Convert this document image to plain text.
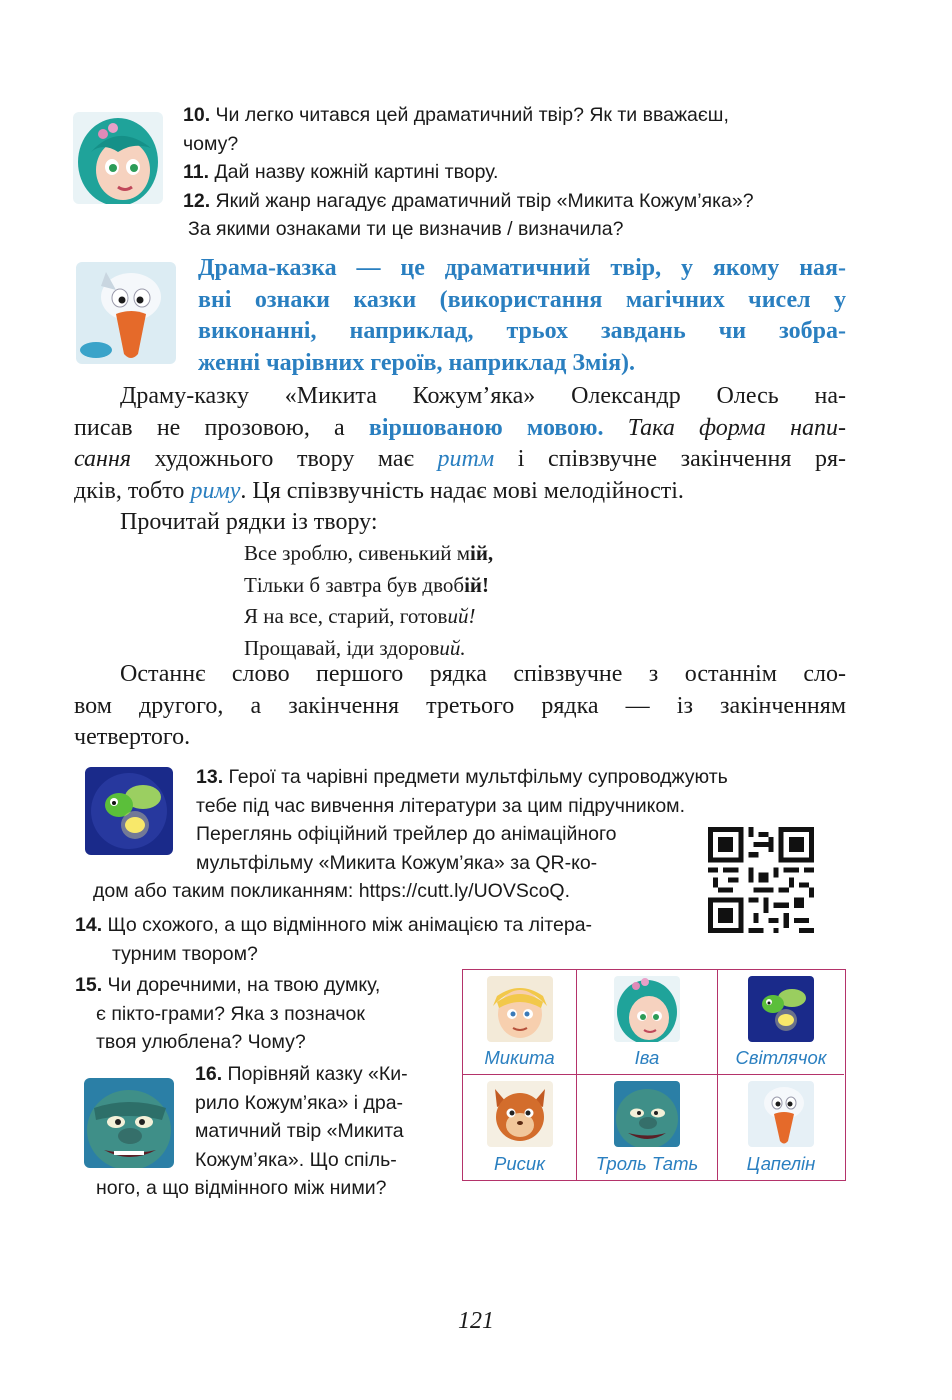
10. Чи легко читався цей драматичний твір? Як ти вважаєш,
чому?
11. Дай назву кожній картині твору.
12. Який жанр нагадує драматичний твір «Микита Кожум’яка»?
За якими ознаками ти це визначив / визначила?
Драма-казка — це драматичний твір, у якому ная-
вні ознаки казки (використання магічних чисел у
виконанні, наприклад, трьох завдань чи зобра-
женні чарівних героїв, наприклад Змія).
Драму-казку «Микита Кожум’яка» Олександр Олесь на-
писав не прозовою, а віршованою мовою. Така форма напи-
сання художнього твору має ритм і співзвучне закінчення ря-
дків, тобто риму. Ця співзвучність надає мові мелодійності.
Прочитай рядки із твору:
Все зроблю, сивенький мій,
Тільки б завтра був двобій!
Я на все, старий, готовий!
Прощавай, іди здоровий.
Останнє слово першого рядка співзвучне з останнім сло-
вом другого, а закінчення третього рядка — із закінченням
четвертого.
13. Герої та чарівні предмети мультфільму супроводжують
тебе під час вивчення літератури за цим підручником.
Переглянь офіційний трейлер до анімаційного
мультфільму «Микита Кожум’яка» за QR-ко-
дом або таким покликанням: https://cutt.ly/UOVScoQ.
14. Що схожого, а що відмінного між анімацією та літера-
турним твором?
15. Чи доречними, на твою думку,
є пікто-грами? Яка з позначок
твоя улюблена? Чому?
16. Порівняй казку «Ки-
рило Кожум’яка» і дра-
матичний твір «Микита
Кожум’яка». Що спіль-
ного, а що відмінного між ними?
Микита	Іва	Світлячок
Рисик	Троль Тать	Цапелін
121
